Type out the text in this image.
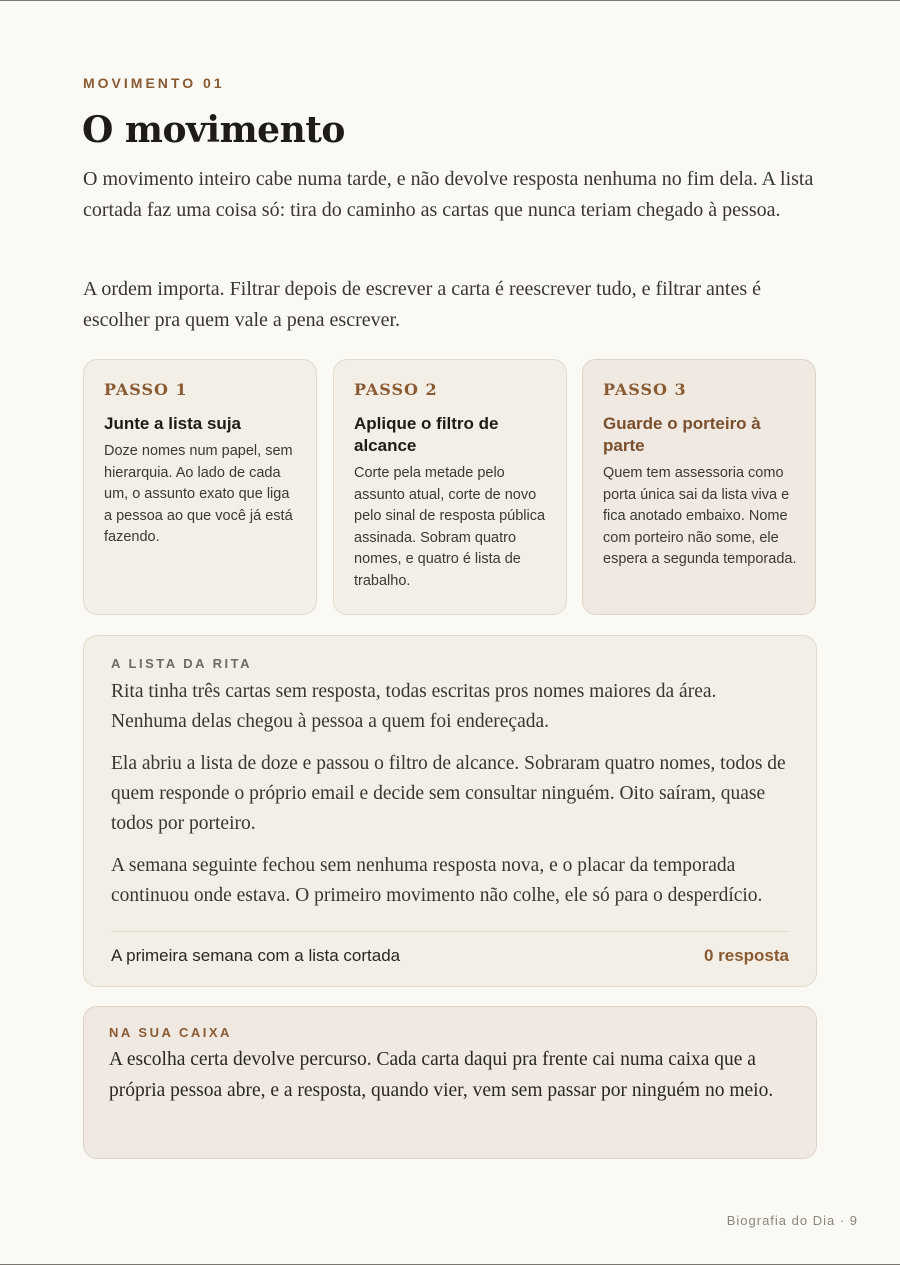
MOVIMENTO 01
O movimento

O movimento inteiro cabe numa tarde, e não devolve resposta nenhuma no fim dela. A lista cortada faz uma coisa só: tira do caminho as cartas que nunca teriam chegado à pessoa.

A ordem importa. Filtrar depois de escrever a carta é reescrever tudo, e filtrar antes é escolher pra quem vale a pena escrever.

PASSO 1
Junte a lista suja
Doze nomes num papel, sem hierarquia. Ao lado de cada um, o assunto exato que liga a pessoa ao que você já está fazendo.
PASSO 2
Aplique o filtro de alcance
Corte pela metade pelo assunto atual, corte de novo pelo sinal de resposta pública assinada. Sobram quatro nomes, e quatro é lista de trabalho.
PASSO 3
Guarde o porteiro à parte
Quem tem assessoria como porta única sai da lista viva e fica anotado embaixo. Nome com porteiro não some, ele espera a segunda temporada.
A LISTA DA RITA

Rita tinha três cartas sem resposta, todas escritas pros nomes maiores da área. Nenhuma delas chegou à pessoa a quem foi endereçada.

Ela abriu a lista de doze e passou o filtro de alcance. Sobraram quatro nomes, todos de quem responde o próprio email e decide sem consultar ninguém. Oito saíram, quase todos por porteiro.

A semana seguinte fechou sem nenhuma resposta nova, e o placar da temporada continuou onde estava. O primeiro movimento não colhe, ele só para o desperdício.

A primeira semana com a lista cortada	0 resposta
NA SUA CAIXA

A escolha certa devolve percurso. Cada carta daqui pra frente cai numa caixa que a própria pessoa abre, e a resposta, quando vier, vem sem passar por ninguém no meio.

Biografia do Dia · 9
